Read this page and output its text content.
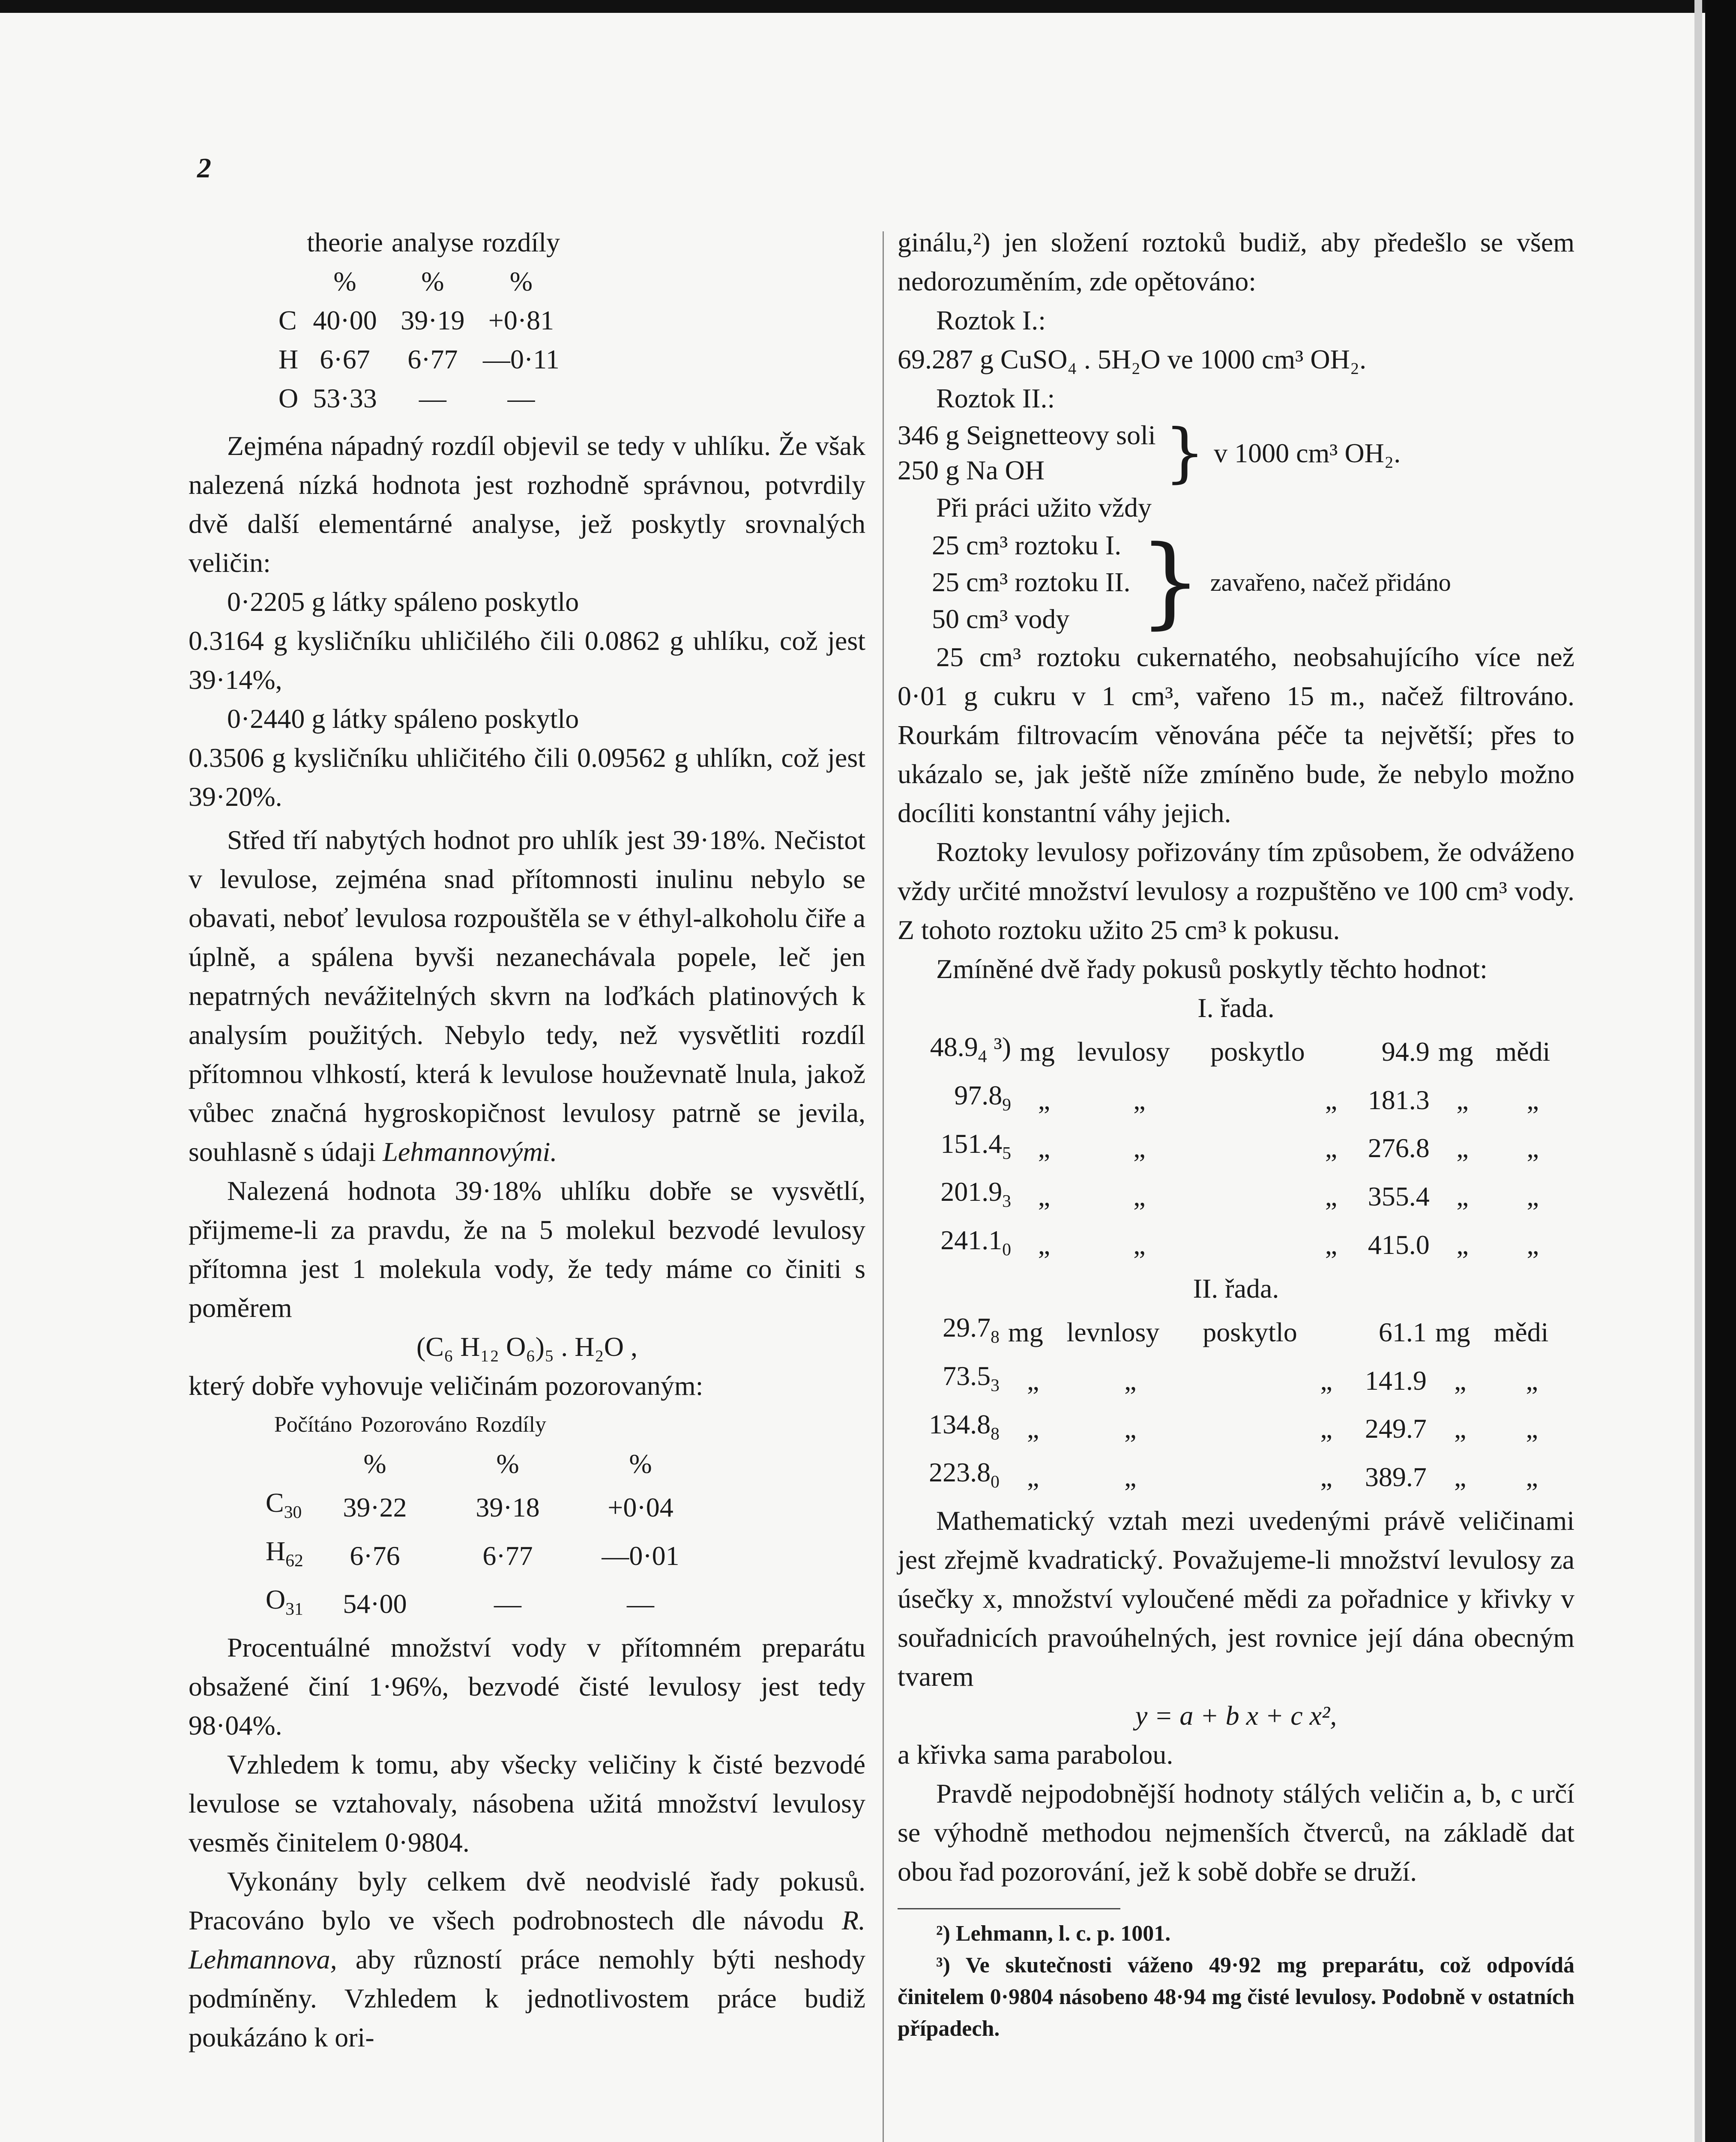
2
	theorie	analyse	rozdíly
	%	%	%
C	40·00	39·19	+0·81
H	6·67	6·77	—0·11
O	53·33	—	—

Zejména nápadný rozdíl objevil se tedy v uhlíku. Že však nalezená nízká hodnota jest rozhodně správnou, potvrdily dvě další elementárné analyse, jež poskytly srovnalých veličin:

0·2205 g látky spáleno poskytlo

0.3164 g kysličníku uhličilého čili 0.0862 g uhlíku, což jest 39·14%,

0·2440 g látky spáleno poskytlo

0.3506 g kysličníku uhličitého čili 0.09562 g uhlíkn, což jest 39·20%.

Střed tří nabytých hodnot pro uhlík jest 39·18%. Nečistot v levulose, zejména snad přítomnosti inulinu nebylo se obavati, neboť levulosa rozpouštěla se v éthyl-alkoholu čiře a úplně, a spálena byvši nezanechávala popele, leč jen nepatrných nevážitelných skvrn na loďkách platinových k analysím použitých. Nebylo tedy, než vysvětliti rozdíl přítomnou vlhkostí, která k levulose houževnatě lnula, jakož vůbec značná hygroskopičnost levulosy patrně se jevila, souhlasně s údaji Lehmannovými.

Nalezená hodnota 39·18% uhlíku dobře se vysvětlí, přijmeme-li za pravdu, že na 5 molekul bezvodé levulosy přítomna jest 1 molekula vody, že tedy máme co činiti s poměrem

(C₆ H₁₂ O₆)₅ . H₂O ,

který dobře vyhovuje veličinám pozorovaným:

	Počítáno	Pozorováno	Rozdíly
	%	%	%
$C_{30}$	39·22	39·18	+0·04
$H_{62}$	6·76	6·77	—0·01
$O_{31}$	54·00	—	—

Procentuálné množství vody v přítomném preparátu obsažené činí 1·96%, bezvodé čisté levulosy jest tedy 98·04%.

Vzhledem k tomu, aby všecky veličiny k čisté bezvodé levulose se vztahovaly, násobena užitá množství levulosy vesměs činitelem 0·9804.

Vykonány byly celkem dvě neodvislé řady pokusů. Pracováno bylo ve všech podrobnostech dle návodu R. Lehmannova, aby růzností práce nemohly býti neshody podmíněny. Vzhledem k jednotlivostem práce budiž poukázáno k ori-

ginálu,²) jen složení roztoků budiž, aby předešlo se všem nedorozuměním, zde opětováno:

Roztok I.:

69.287 g CuSO₄ . 5H₂O ve 1000 cm³ OH₂.

Roztok II.:

346 g Seignetteovy soli
250 g Na OH	}	v 1000 cm³ OH₂.

Při práci užito vždy

25 cm³ roztoku I.
25 cm³ roztoku II.
50 cm³ vody	}	zavařeno, načež přidáno

25 cm³ roztoku cukernatého, neobsahujícího více než 0·01 g cukru v 1 cm³, vařeno 15 m., načež filtrováno. Rourkám filtrovacím věnována péče ta největší; přes to ukázalo se, jak ještě níže zmíněno bude, že nebylo možno docíliti konstantní váhy jejich.

Roztoky levulosy pořizovány tím způsobem, že odváženo vždy určité množství levulosy a rozpuštěno ve 100 cm³ vody. Z tohoto roztoku užito 25 cm³ k pokusu.

Zmíněné dvě řady pokusů poskytly těchto hodnot:

I. řada.

$48.9_4$ ³)	mg	levulosy	poskytlo	94.9	mg	mědi
$97.8_9$	„	„	„	181.3	„	„
$151.4_5$	„	„	„	276.8	„	„
$201.9_3$	„	„	„	355.4	„	„
$241.1_0$	„	„	„	415.0	„	„

II. řada.

$29.7_8$	mg	levnlosy	poskytlo	61.1	mg	mědi
$73.5_3$	„	„	„	141.9	„	„
$134.8_8$	„	„	„	249.7	„	„
$223.8_0$	„	„	„	389.7	„	„

Mathematický vztah mezi uvedenými právě veličinami jest zřejmě kvadratický. Považujeme-li množství levulosy za úsečky x, množství vyloučené mědi za pořadnice y křivky v souřadnicích pravoúhelných, jest rovnice její dána obecným tvarem

y = a + b x + c x²,

a křivka sama parabolou.

Pravdě nejpodobnější hodnoty stálých veličin a, b, c určí se výhodně methodou nejmenších čtverců, na základě dat obou řad pozorování, jež k sobě dobře se druží.

²) Lehmann, l. c. p. 1001.

³) Ve skutečnosti váženo 49·92 mg preparátu, což odpovídá činitelem 0·9804 násobeno 48·94 mg čisté levulosy. Podobně v ostatních případech.
